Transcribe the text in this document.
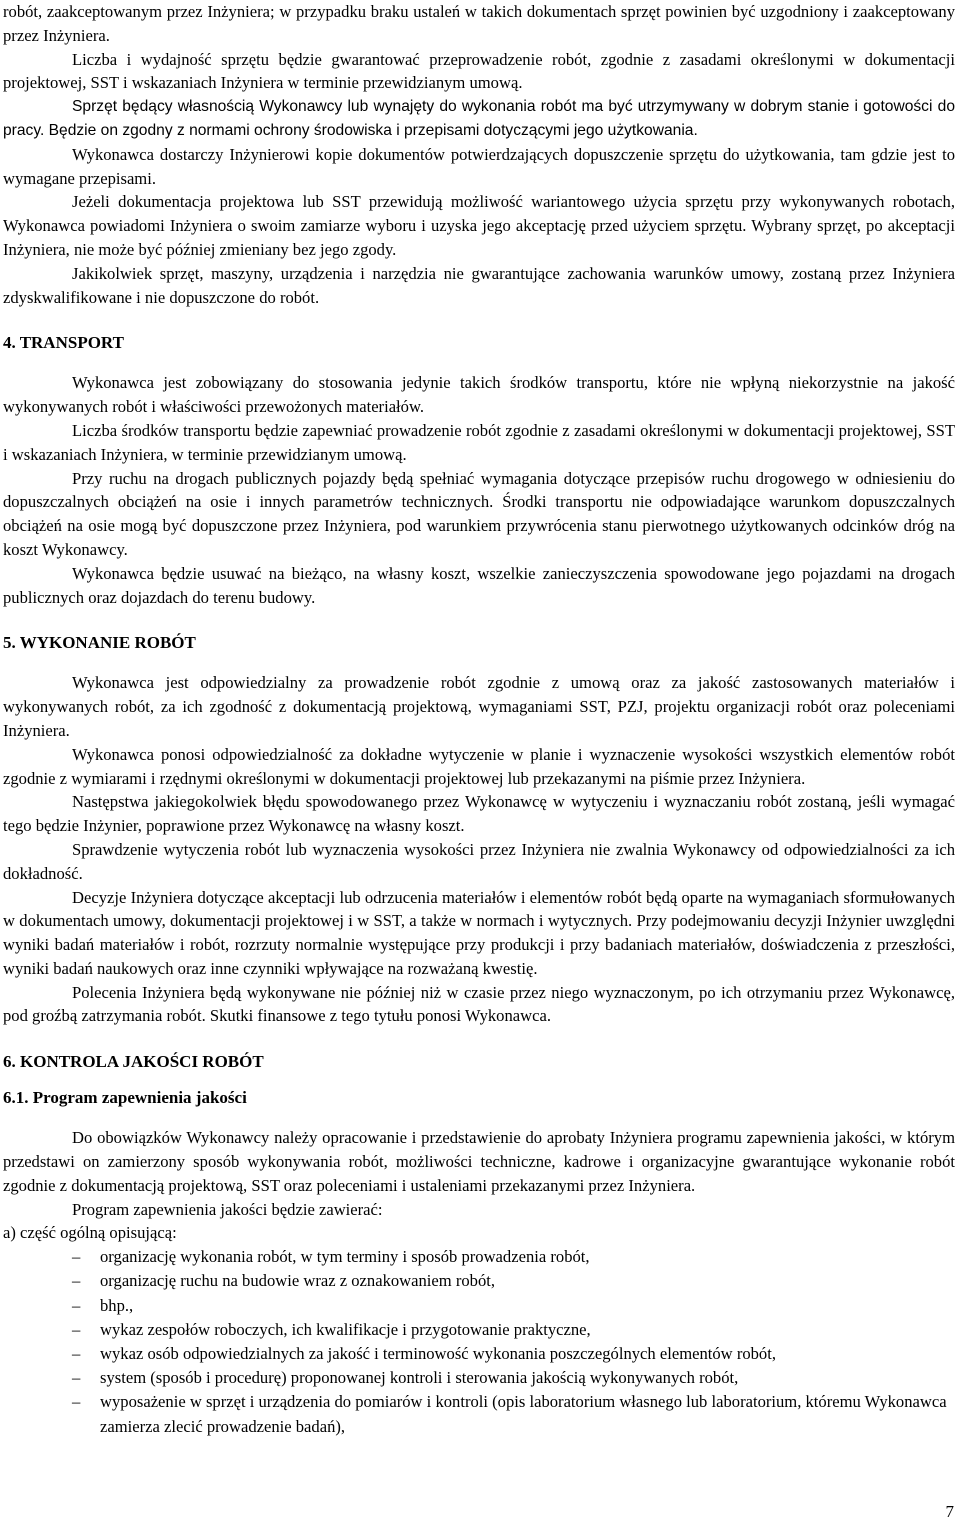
robót, zaakceptowanym przez Inżyniera; w przypadku braku ustaleń w takich dokumentach sprzęt powinien być uzgodniony i zaakceptowany przez Inżyniera.

Liczba i wydajność sprzętu będzie gwarantować przeprowadzenie robót, zgodnie z zasadami określonymi w dokumentacji projektowej, SST i wskazaniach Inżyniera w terminie przewidzianym umową.

Sprzęt będący własnością Wykonawcy lub wynajęty do wykonania robót ma być utrzymywany w dobrym stanie i gotowości do pracy. Będzie on zgodny z normami ochrony środowiska i przepisami dotyczącymi jego użytkowania.

Wykonawca dostarczy Inżynierowi kopie dokumentów potwierdzających dopuszczenie sprzętu do użytkowania, tam gdzie jest to wymagane przepisami.

Jeżeli dokumentacja projektowa lub SST przewidują możliwość wariantowego użycia sprzętu przy wykonywanych robotach, Wykonawca powiadomi Inżyniera o swoim zamiarze wyboru i uzyska jego akceptację przed użyciem sprzętu. Wybrany sprzęt, po akceptacji Inżyniera, nie może być później zmieniany bez jego zgody.

Jakikolwiek sprzęt, maszyny, urządzenia i narzędzia nie gwarantujące zachowania warunków umowy, zostaną przez Inżyniera zdyskwalifikowane i nie dopuszczone do robót.

4. TRANSPORT

Wykonawca jest zobowiązany do stosowania jedynie takich środków transportu, które nie wpłyną niekorzystnie na jakość wykonywanych robót i właściwości przewożonych materiałów.

Liczba środków transportu będzie zapewniać prowadzenie robót zgodnie z zasadami określonymi w dokumentacji projektowej, SST i wskazaniach Inżyniera, w terminie przewidzianym umową.

Przy ruchu na drogach publicznych pojazdy będą spełniać wymagania dotyczące przepisów ruchu drogowego w odniesieniu do dopuszczalnych obciążeń na osie i innych parametrów technicznych. Środki transportu nie odpowiadające warunkom dopuszczalnych obciążeń na osie mogą być dopuszczone przez Inżyniera, pod warunkiem przywrócenia stanu pierwotnego użytkowanych odcinków dróg na koszt Wykonawcy.

Wykonawca będzie usuwać na bieżąco, na własny koszt, wszelkie zanieczyszczenia spowodowane jego pojazdami na drogach publicznych oraz dojazdach do terenu budowy.

5. WYKONANIE ROBÓT

Wykonawca jest odpowiedzialny za prowadzenie robót zgodnie z umową oraz za jakość zastosowanych materiałów i wykonywanych robót, za ich zgodność z dokumentacją projektową, wymaganiami SST, PZJ, projektu organizacji robót oraz poleceniami Inżyniera.

Wykonawca ponosi odpowiedzialność za dokładne wytyczenie w planie i wyznaczenie wysokości wszystkich elementów robót zgodnie z wymiarami i rzędnymi określonymi w dokumentacji projektowej lub przekazanymi na piśmie przez Inżyniera.

Następstwa jakiegokolwiek błędu spowodowanego przez Wykonawcę w wytyczeniu i wyznaczaniu robót zostaną, jeśli wymagać tego będzie Inżynier, poprawione przez Wykonawcę na własny koszt.

Sprawdzenie wytyczenia robót lub wyznaczenia wysokości przez Inżyniera nie zwalnia Wykonawcy od odpowiedzialności za ich dokładność.

Decyzje Inżyniera dotyczące akceptacji lub odrzucenia materiałów i elementów robót będą oparte na wymaganiach sformułowanych w dokumentach umowy, dokumentacji projektowej i w SST, a także w normach i wytycznych. Przy podejmowaniu decyzji Inżynier uwzględni wyniki badań materiałów i robót, rozrzuty normalnie występujące przy produkcji i przy badaniach materiałów, doświadczenia z przeszłości, wyniki badań naukowych oraz inne czynniki wpływające na rozważaną kwestię.

Polecenia Inżyniera będą wykonywane nie później niż w czasie przez niego wyznaczonym, po ich otrzymaniu przez Wykonawcę, pod groźbą zatrzymania robót. Skutki finansowe z tego tytułu ponosi Wykonawca.

6. KONTROLA JAKOŚCI ROBÓT
6.1. Program zapewnienia jakości

Do obowiązków Wykonawcy należy opracowanie i przedstawienie do aprobaty Inżyniera programu zapewnienia jakości, w którym przedstawi on zamierzony sposób wykonywania robót, możliwości techniczne, kadrowe i organizacyjne gwarantujące wykonanie robót zgodnie z dokumentacją projektową, SST oraz poleceniami i ustaleniami przekazanymi przez Inżyniera.

Program zapewnienia jakości będzie zawierać:

a) część ogólną opisującą:

– organizację wykonania robót, w tym terminy i sposób prowadzenia robót,
– organizację ruchu na budowie wraz z oznakowaniem robót,
– bhp.,
– wykaz zespołów roboczych, ich kwalifikacje i przygotowanie praktyczne,
– wykaz osób odpowiedzialnych za jakość i terminowość wykonania poszczególnych elementów robót,
– system (sposób i procedurę) proponowanej kontroli i sterowania jakością wykonywanych robót,
– wyposażenie w sprzęt i urządzenia do pomiarów i kontroli (opis laboratorium własnego lub laboratorium, któremu Wykonawca zamierza zlecić prowadzenie badań),
7
